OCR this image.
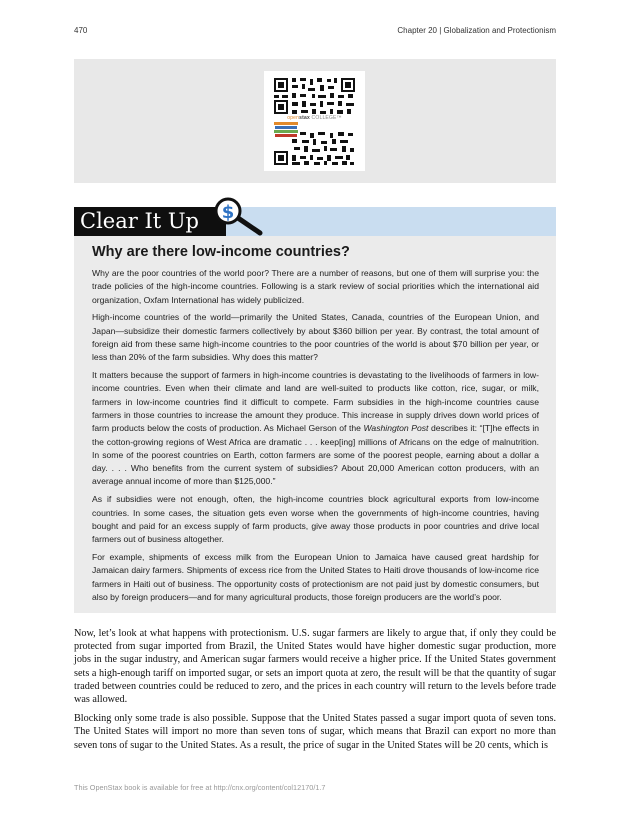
470	Chapter 20 | Globalization and Protectionism
openstax COLLEGE™
Clear It Up	$
Why are there low-income countries?

Why are the poor countries of the world poor? There are a number of reasons, but one of them will surprise you: the trade policies of the high-income countries. Following is a stark review of social priorities which the international aid organization, Oxfam International has widely publicized.

High-income countries of the world—primarily the United States, Canada, countries of the European Union, and Japan—subsidize their domestic farmers collectively by about $360 billion per year. By contrast, the total amount of foreign aid from these same high-income countries to the poor countries of the world is about $70 billion per year, or less than 20% of the farm subsidies. Why does this matter?

It matters because the support of farmers in high-income countries is devastating to the livelihoods of farmers in low-income countries. Even when their climate and land are well-suited to products like cotton, rice, sugar, or milk, farmers in low-income countries find it difficult to compete. Farm subsidies in the high-income countries cause farmers in those countries to increase the amount they produce. This increase in supply drives down world prices of farm products below the costs of production. As Michael Gerson of the Washington Post describes it: “[T]he effects in the cotton-growing regions of West Africa are dramatic . . . keep[ing] millions of Africans on the edge of malnutrition. In some of the poorest countries on Earth, cotton farmers are some of the poorest people, earning about a dollar a day. . . . Who benefits from the current system of subsidies? About 20,000 American cotton producers, with an average annual income of more than $125,000.”

As if subsidies were not enough, often, the high-income countries block agricultural exports from low-income countries. In some cases, the situation gets even worse when the governments of high-income countries, having bought and paid for an excess supply of farm products, give away those products in poor countries and drive local farmers out of business altogether.

For example, shipments of excess milk from the European Union to Jamaica have caused great hardship for Jamaican dairy farmers. Shipments of excess rice from the United States to Haiti drove thousands of low-income rice farmers in Haiti out of business. The opportunity costs of protectionism are not paid just by domestic consumers, but also by foreign producers—and for many agricultural products, those foreign producers are the world’s poor.

Now, let’s look at what happens with protectionism. U.S. sugar farmers are likely to argue that, if only they could be protected from sugar imported from Brazil, the United States would have higher domestic sugar production, more jobs in the sugar industry, and American sugar farmers would receive a higher price. If the United States government sets a high-enough tariff on imported sugar, or sets an import quota at zero, the result will be that the quantity of sugar traded between countries could be reduced to zero, and the prices in each country will return to the levels before trade was allowed.

Blocking only some trade is also possible. Suppose that the United States passed a sugar import quota of seven tons. The United States will import no more than seven tons of sugar, which means that Brazil can export no more than seven tons of sugar to the United States. As a result, the price of sugar in the United States will be 20 cents, which is

This OpenStax book is available for free at http://cnx.org/content/col12170/1.7
